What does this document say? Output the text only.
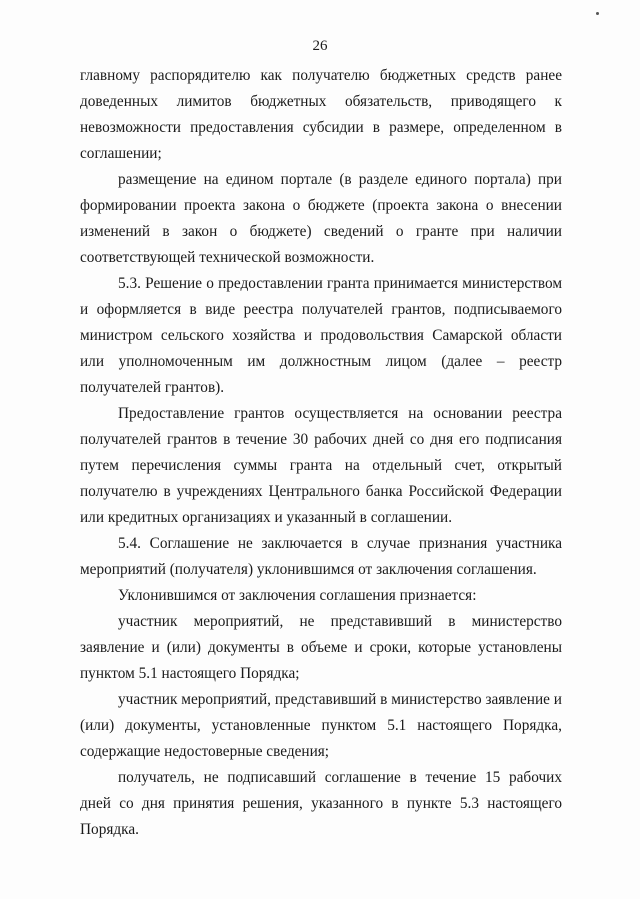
26

главному распорядителю как получателю бюджетных средств ранее доведенных лимитов бюджетных обязательств, приводящего к невозможности предоставления субсидии в размере, определенном в соглашении;

размещение на едином портале (в разделе единого портала) при формировании проекта закона о бюджете (проекта закона о внесении изменений в закон о бюджете) сведений о гранте при наличии соответствующей технической возможности.

5.3. Решение о предоставлении гранта принимается министерством и оформляется в виде реестра получателей грантов, подписываемого министром сельского хозяйства и продовольствия Самарской области или уполномоченным им должностным лицом (далее – реестр получателей грантов).

Предоставление грантов осуществляется на основании реестра получателей грантов в течение 30 рабочих дней со дня его подписания путем перечисления суммы гранта на отдельный счет, открытый получателю в учреждениях Центрального банка Российской Федерации или кредитных организациях и указанный в соглашении.

5.4. Соглашение не заключается в случае признания участника мероприятий (получателя) уклонившимся от заключения соглашения.

Уклонившимся от заключения соглашения признается:

участник мероприятий, не представивший в министерство заявление и (или) документы в объеме и сроки, которые установлены пунктом 5.1 настоящего Порядка;

участник мероприятий, представивший в министерство заявление и (или) документы, установленные пунктом 5.1 настоящего Порядка, содержащие недостоверные сведения;

получатель, не подписавший соглашение в течение 15 рабочих дней со дня принятия решения, указанного в пункте 5.3 настоящего Порядка.
